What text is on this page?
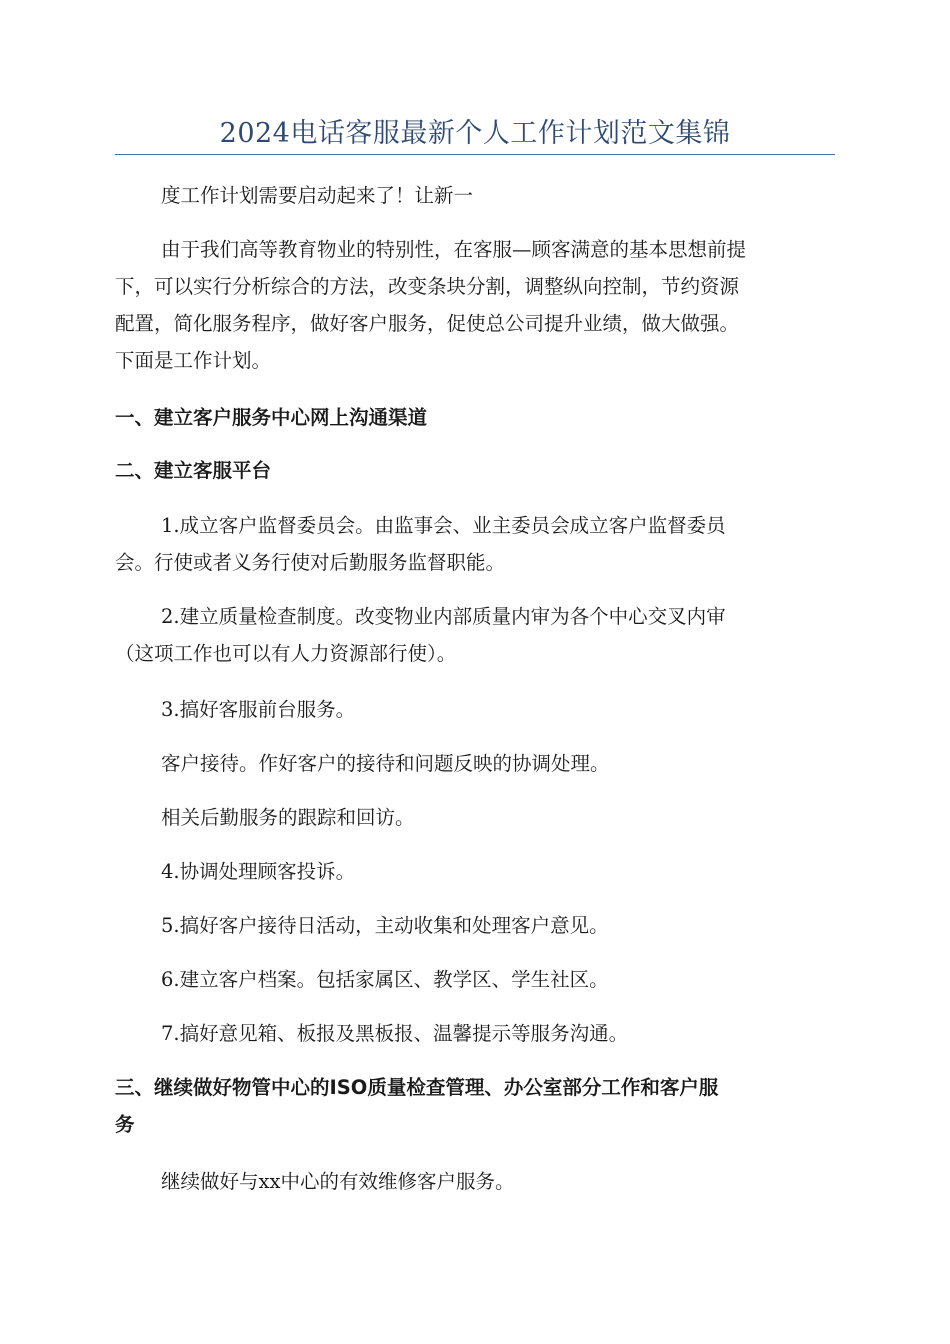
2024电话客服最新个人工作计划范文集锦

度工作计划需要启动起来了！让新一

由于我们高等教育物业的特别性，在客服—顾客满意的基本思想前提
下，可以实行分析综合的方法，改变条块分割，调整纵向控制，节约资源
配置，简化服务程序，做好客户服务，促使总公司提升业绩，做大做强。
下面是工作计划。
一、建立客户服务中心网上沟通渠道
二、建立客服平台
1.成立客户监督委员会。由监事会、业主委员会成立客户监督委员
会。行使或者义务行使对后勤服务监督职能。
2.建立质量检查制度。改变物业内部质量内审为各个中心交叉内审
（这项工作也可以有人力资源部行使）。

3.搞好客服前台服务。

客户接待。作好客户的接待和问题反映的协调处理。

相关后勤服务的跟踪和回访。

4.协调处理顾客投诉。

5.搞好客户接待日活动，主动收集和处理客户意见。

6.建立客户档案。包括家属区、教学区、学生社区。

7.搞好意见箱、板报及黑板报、温馨提示等服务沟通。

三、继续做好物管中心的ISO质量检查管理、办公室部分工作和客户服
务

继续做好与xx中心的有效维修客户服务。
